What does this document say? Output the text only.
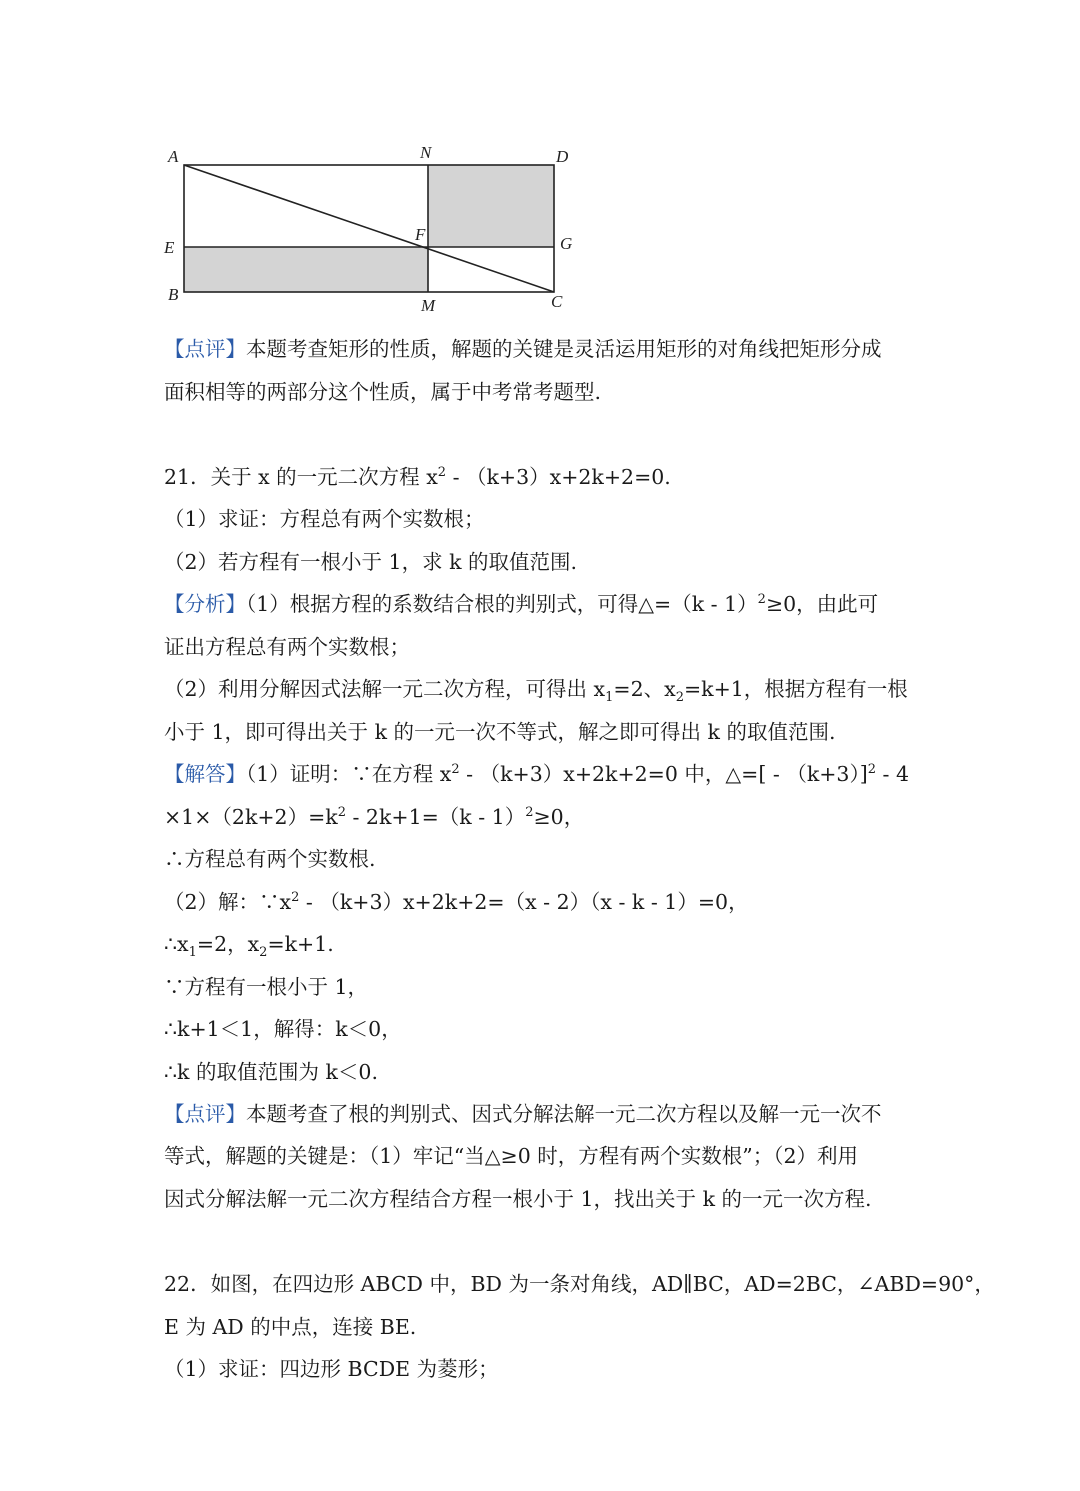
A	N	D
E
F	G
B
M	C
【点评】本题考查矩形的性质，解题的关键是灵活运用矩形的对角线把矩形分成
面积相等的两部分这个性质，属于中考常考题型.
21．关于 x 的一元二次方程 $x^2 - (k+3)x+2k+2=0$.
（1）求证：方程总有两个实数根；
（2）若方程有一根小于 1，求 k 的取值范围.
【分析】（1）根据方程的系数结合根的判别式，可得△=（k - 1）$^2$≥0，由此可
证出方程总有两个实数根；
（2）利用分解因式法解一元二次方程，可得出 $x_1=2$、$x_2=k+1$，根据方程有一根
小于 1，即可得出关于 k 的一元一次不等式，解之即可得出 k 的取值范围.
【解答】（1）证明：∵在方程 $x^2 - (k+3)x+2k+2=0$ 中，△=[ - （k+3）]$^2$ - 4
$\times 1\times(2k+2)=k^2 - 2k+1=(k - 1)^2\ge 0$，
∴方程总有两个实数根.
（2）解：$\because x^2 - (k+3)x+2k+2=(x - 2)(x - k - 1)=0$，
$\therefore x_1=2$，$x_2=k+1$.
∵方程有一根小于 1，
∴k+1＜1，解得：k＜0，
∴k 的取值范围为 k＜0.
【点评】本题考查了根的判别式、因式分解法解一元二次方程以及解一元一次不
等式，解题的关键是：（1）牢记“当△≥0 时，方程有两个实数根”；（2）利用
因式分解法解一元二次方程结合方程一根小于 1，找出关于 k 的一元一次方程.
22．如图，在四边形 ABCD 中，BD 为一条对角线，AD∥BC，AD=2BC，∠ABD=90°，
E 为 AD 的中点，连接 BE.
（1）求证：四边形 BCDE 为菱形；
